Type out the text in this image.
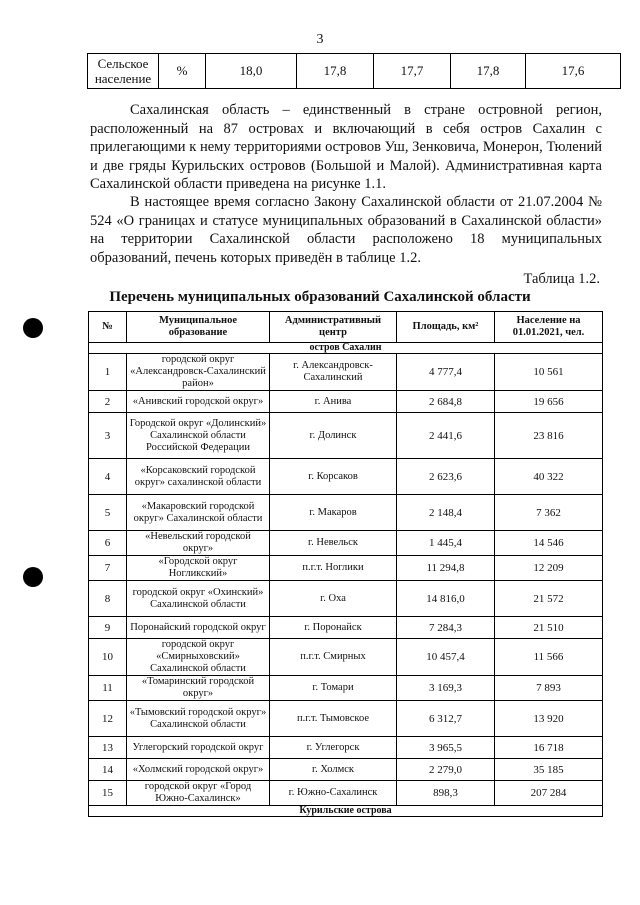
3
Сельское население	%	18,0	17,8	17,7	17,8	17,6

Сахалинская область – единственный в стране островной регион, расположенный на 87 островах и включающий в себя остров Сахалин с прилегающими к нему территориями островов Уш, Зенковича, Монерон, Тюлений и две гряды Курильских островов (Большой и Малой). Административная карта Сахалинской области приведена на рисунке 1.1.

В настоящее время согласно Закону Сахалинской области от 21.07.2004 № 524 «О границах и статусе муниципальных образований в Сахалинской области» на территории Сахалинской области расположено 18 муниципальных образований, печень которых приведён в таблице 1.2.

Таблица 1.2.
Перечень муниципальных образований Сахалинской области
№	Муниципальное образование	Административный центр	Площадь, км²	Население на 01.01.2021, чел.
остров Сахалин				
1	городской округ «Александровск-Сахалинский район»	г. Александровск-Сахалинский	4 777,4	10 561
2	«Анивский городской округ»	г. Анива	2 684,8	19 656
3	Городской округ «Долинский» Сахалинской области Российской Федерации	г. Долинск	2 441,6	23 816
4	«Корсаковский городской округ» сахалинской области	г. Корсаков	2 623,6	40 322
5	«Макаровский городской округ» Сахалинской области	г. Макаров	2 148,4	7 362
6	«Невельский городской округ»	г. Невельск	1 445,4	14 546
7	«Городской округ Ногликский»	п.г.т. Ноглики	11 294,8	12 209
8	городской округ «Охинский» Сахалинской области	г. Оха	14 816,0	21 572
9	Поронайский городской округ	г. Поронайск	7 284,3	21 510
10	городской округ «Смирныховский» Сахалинской области	п.г.т. Смирных	10 457,4	11 566
11	«Томаринский городской округ»	г. Томари	3 169,3	7 893
12	«Тымовский городской округ» Сахалинской области	п.г.т. Тымовское	6 312,7	13 920
13	Углегорский городской округ	г. Углегорск	3 965,5	16 718
14	«Холмский городской округ»	г. Холмск	2 279,0	35 185
15	городской округ «Город Южно-Сахалинск»	г. Южно-Сахалинск	898,3	207 284
Курильские острова				
